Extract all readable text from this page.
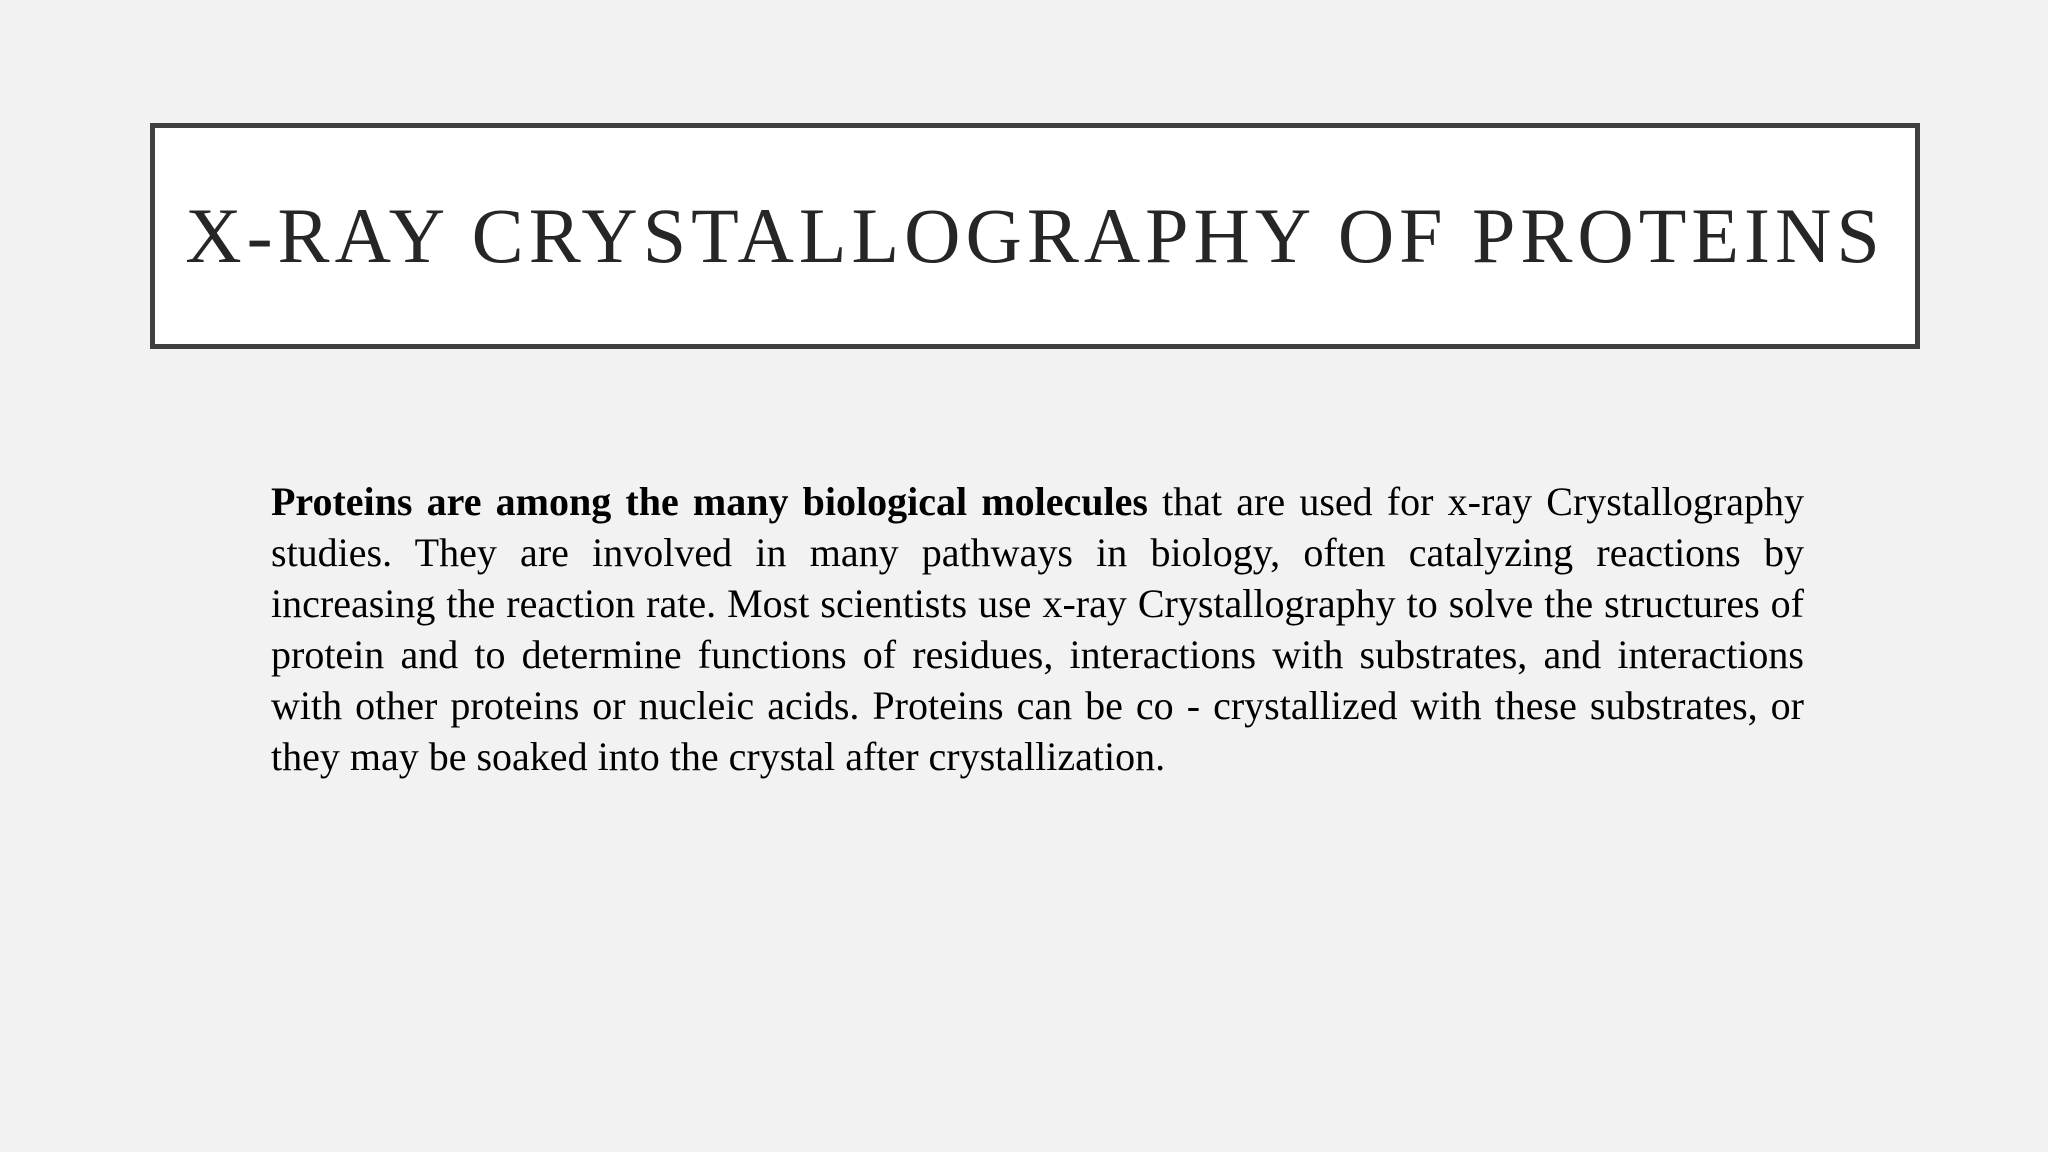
X-RAY CRYSTALLOGRAPHY OF PROTEINS

Proteins are among the many biological molecules that are used for x-ray Crystallography studies. They are involved in many pathways in biology, often catalyzing reactions by increasing the reaction rate. Most scientists use x-ray Crystallography to solve the structures of protein and to determine functions of residues, interactions with substrates, and interactions with other proteins or nucleic acids. Proteins can be co - crystallized with these substrates, or they may be soaked into the crystal after crystallization.
